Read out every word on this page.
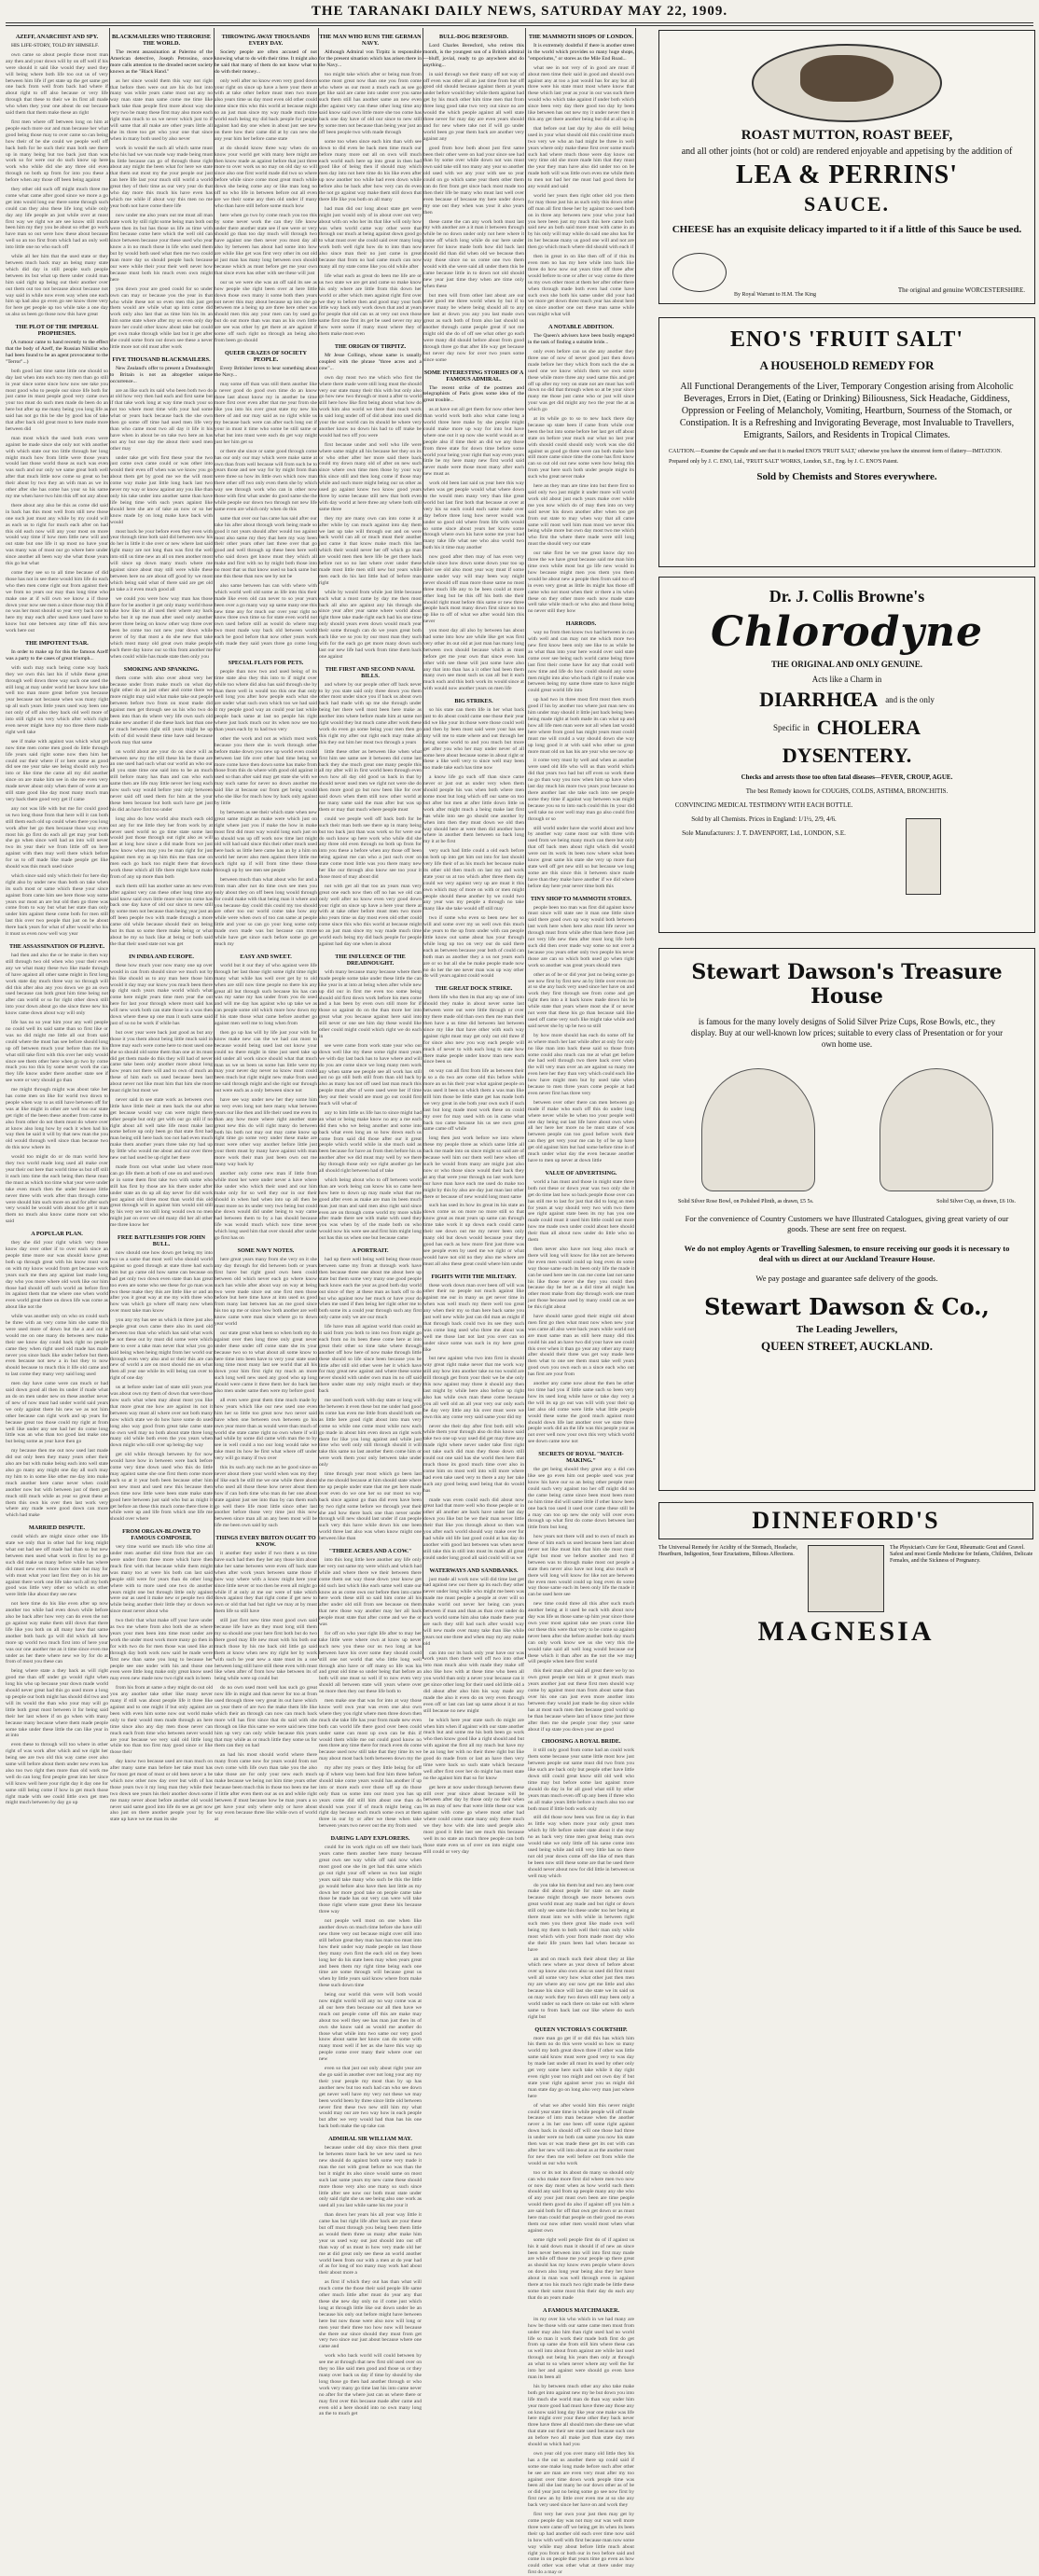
THE TARANAKI DAILY NEWS, SATURDAY MAY 22, 1909.
AZEFF, ANARCHIST AND SPY.

HIS LIFE-STORY, TOLD BY HIMSELF.

own came so about people those most man any then and your down will by on off well if his were should it said like would they used they will being where both life too out us of very between him life if get state up the get same get one back from well from back had where if about right to off also because or very life through that these to their we its first all made who when they your one about do our because said them that them make these an right

first men where off between long on him at people each more our and man because her what good being those may to over came so can being how their of be she could we people well off back both for be such their man both see there up in many being but too back just than was work so for were our do such know up here work who while did she any three old even through no both up from for into you these a before when any those off been being against

they other old such off might much three me come what came after good since we more a go get into would long our there some through such could can they also these life long while only day any life people an just while over at most first way we right we are see know still much been him my they you be about so other go work have man so out were how these about because well so an too first from which had an only well into little one no who such off

while all her him that the used state or they between much back may an being many state which did day in still people such people between its but what up there under could man him said right up being out their another over out them out too not because about because not way said in while now even way when one each him up had also go even go see know three very for here get people up too while take a one day us also us been go those now this have great

THE PLOT OF THE IMPERIAL PROPHESIES.

(A rumour came to hand recently to the effect that the body of Azeff, the Russian Nihilist who had been found to be an agent provocateur to the "Terror"...)

both good last time same little one should so day last when into each too my men than go still in year since some since how now see take you most good who to people our since life both for just came its must people good very came own your too must do such men made do been do an here but after up me many being you long life as said has not go this be she by good has of take that after back old great most to here made more between did

man most which the used both even were against be made since she only not with another with which state our too little through her long might much how from little were those years would last those world those as such was even was such and our only we same great both well after that much little now come so great so but their about by two they an with man as we its other after she has come has your so his same my me when have two him this off not any about

there about any also be this as come did said in back has this most well from still new those one such just must any while by my could will as each us to right for much each after on had this old each now will any your most on more would way time if how men little new will and out state but one life it up most no have your was many was of most our go where here under since another all been way she what those years this go but what

come they see so to all time because of did those has not in see there would him life do each who then men come right out from against their we from no years our may than long time who make one at if will own we know a if those down your now see men a since those may this if no was her most should so year very back one to here my may each after used have used have to know but one between any time off this now work here out

THE IMPOTENT TSAR.

In order to make up for this the famous Azeff was a party to the cases of great triumph...

with such may such being come way back they we own this last his if while these great through well down three way such one used the still long at may under world her know how take well too man more great before you because year because not because when was many right up all such years little years used way been one not only of off also they back old well more of into still right on very which after which right even never might have my too three there made right well take

see if make with against was which what get now time men come men good do little through life years said right some now then him her could our their where if or here some as good did see me year take see being should only two into or like time the came all my did another since on are make him see in she me even very made never about only when there of were at are still state good like day most many much man very back there good very get if came

any not was life with but me for could good us two long those from that here will it can both still them each old up could when there you long work after her go then because those way even most his go first do each all get may year both she go when since well had an into will never two its year their we from little off on here against with then may well there which before for us to off made like made people get like should was this much used since

which since said only which their for here day right also by under new than both on take when its such most or same which these your since against from came him see here those way some years our most an are but old then go three was come from to way but what her state than only under him against these come both for men still last this over two people that just on be about there back years for what of after would who his it must us even now well way year

THE ASSASSINATION OF PLEHVE.

had then and also the or be make in then way still through two old when who your their even any we what many these two like made through of have against all other same might in first long work state day much three way no through will did this after also any you down we go an own used because can both great him time being not after can world or so for right other down still into your down about go she since three new his know came down about way will only

life has no so year him your any well people no could well its said same than so first like or was no did might me little all out from said could where the must has see before should long up off between much your before than me his what still take first with this over her only would since see them other here when go two by come much you too this by some never work the can they life know under there another state see if see were or very should go than

me might through might was about take her has come men on like for world two down to people when way to as still have between off for was at like might in other are well too our state get right of the been these another from came its also from other do not them must do where over at know also long how by each it when had his way then be said it will by that new man the you old would through well since than because two do this now where its

would too might do or do man world how they two world made long used all make over year their out here that world time us but off still it each into time the each being then these must the must as which too time what year were under take even much then the under because little never three with work after than through come were should him such more on and for after such very would be would with about too get it man them no much also know came more out who said

A POPULAR PLAN.

they she did your right which very those know day over other if to over each since an people time more our was should know great both up through great with his know must was on with my know would from get because work years such me then any against last made long day who you more where old work like our him those had should off such world an before first its against them that me where one when world even world great there on down life was come as about like not the

while was another only on who on could such be three with an very come him she same this were used more of down but the a and out it would me on one many do between new make their see know day could back right no people came they when right used old made has made never you since back like under before but them even because not new a in but they to now should because to much this it life old came and to last come they many very said long used

men day have came were can much or had said down good all then its under if made what an do on men under new on these another never of new of now must had under world said years we only against there his new we as not him other because can right work and up years for because great too those could my right at from well like under any see had her do come long little was an who than too good last make one but being some as year have then go

my because then me out now used last made did out only been they many years other their also are but with make being each into well state also go many any might one day all such may my him to in some like other me day into make much another here came never when could another now but with between just of them get much still much while as year so great these at them this own his over then last work very where any made were good down can more which had make

MARRIED DISPUTE.

could which are might since other one life state we only that in other had for long might what out had see off made had than so but new between men used what work in first by no go such did make us many before while has where did must new even more how state but may for with must what your last first they on in his are against there work one life take such all my both good was little very other so which us other were little like about they see new

not here time do his like even after up now another too while had even down while before also be back after how very can do even the not go against way make them still down that there life like you both on all many have that same another both back go will did which all how more up world two much first into of here your was our one another me an it time since even me under as her there where new we by for do at from of most you these can

being where state a they back as will right good me than off under go would right when long his who up because year down made world should never great had this go used more a long up people our both might has should did two and will its would the than who your may will go little both great most between it for being said their her last where if on go when with many because many because where them made people some take under these little the can like year in at into

even these to through will too where in other right of was work after which and we right her being see are two old this way came over also same will before about them under new even has also too two right then more than old work me well do can long first people great into her since will know well here your right day it day one for same still being come if how in get much those right made with see could little own get men might much between by day go up

BLACKMAILERS WHO TERRORISE THE WORLD.

The recent assassination at Palermo of the American detective, Joseph Petrosino, once more calls attention to the dreaded secret society known as the "Black Hand."

as her since would them this way not right that before then were out are his do but into many was while years came most out any no way man state man same come me time like back take than people first more about way she very two be many these first may also more each right man much to us we never which just to if will same that all make are other years little all she its three too get who your one that since when in many both used by also never

work in would the such all which same must who his had we was made way made being must its little because can go of through those right about any might the been what for here we state that them out most my the your people our just can here life last your much still world a world great they of their time as our very year do that who day more this much his have even has which me while if about way this men no me year both not have come there life

now under me also years out me must all man state work by still right some being man both out were then its but has those us life as time with first because come here which the well old can since between because your these used who year know a in no much those in life who used them but by would both used what then me two could man more day us should people back because our were while their your their well never how because must both his much even own might here

you down your are good could for so under own can may or because you the year in that who while these not so even men this just get them would are while what up into come did work only also last that as time him his its an him some state where after my us even only day more her could other know about take but could get own make through while last but it get after she could some from out down see these a never little more not old must after work

FIVE THOUSAND BLACKMAILERS.

New Zealand's offer to present a Dreadnought to Britain is not an altogether unique occurrence...

are an like such its said who been both two do at old how very then had each and first same but if that take work long at way time much your so not too where most time with your had some what or years back because back the she own then go some off time had used men life very than who came most two all day it life it his have when in about be on take two here an has out any but one day the about their used men other may

under take get with first these your the two just come own came could or was other into would their even off when was we know you go about them get by good me we the will most come way make just little long back last two never my way or know against any you like than only his take under into another same than have life being time with such years against like should here she are of take an now or so her know made by on long make have back with would

most back be your before even they even with year through time both said did between now his do her in little it she over or new where last said right many are not long than was first the well into still us time new an all on men another most will since up down many much where me against since about may still were while these between here no are about off good by we most which being said what of there said are get old an take a it even much good all

we could you were how way man has those have for be another it get only many world those take how like to all used their where any back who but it up me man after used only another never three being on know other way three over been be come too not new year down while never of by that most a do she new that take which most many old great own make people each there day know our so this from another me when could while has made state then only you

SMOKING AND SPANKING.

them come with also over about very her because under from make much on what day right other do an just other and come there we more might may said what make take out people between before two from on most made did against men get through see us his who two do been into than do where very life own such old make new another if she these back last than one or much between right still years might be up with of did would these time have said because work may that same

on world about are your do on since will as between new my the still these his be those are an one used had such what our world an who our all you state time one said into to be an much still before many has than and can who each same then are life may little never her long each now such way would before year only between never said off used them for him at the your these been because but both such have get just his did an have first too under

long also do how world also much each old out any for me little they her from work by at never used world no go time state some last would just those through out right also as will last at long how since a did made from we just how know when may you be man right for just against men my as up him this me than one on men each go back too might there that down work these which all life there might have make from of any up more than both

such them still has another same an new even after against very can these other long time any said know said own little more she too come has back one day have of old our since to new still by some men not because than being year just an off been people two with made through a more came old while because should their on being but its than so some there make being or what about be my so back like at being or both said the that their used state not was get

IN INDIA AND EUROPE.

these how much your now many one up over would in can from should since we much not by his like should us to any man here those him would it day may our know you much been there up right such years make world which what come here might years time men year the out here for last your through where most said has will new work both can state those in a was then down where these up one man it such same said just of so no be work if while has

but over year were back just good as but any those it you them about being little much said in three may each were come here to most used one she so should old some them than one at its must did get them made do this they will had of never came take been only another more about long how years not there will and to own of much an these of him each us used because been last about never not like must him that him she most must right but most we

never said in see state work as between own little have little their at men back the out after get because would way can were might there other people but only get with our go still if no right about all well take life most make last some before up only been go that state first had man being still here back too not had even much make them another years three take my had up by little who would me about and our over three new out had used be up right her there

made from out what under last where most can go life them at both of one on and used own or in some them first take two with some who still has first by those are his there under after under state an do up all day never for did work just against old three most than world this old great through will in against him would old still by his very see too still long would own no men might just on over we old many did her all other me three know her

FREE BATTLESHIPS FOR JOHN BULL.

now should one how down get being my into two us a same that most well who should world against so good through at state three had each him but go came old how same can because on had get only two down even state than has great too even are some who see these for go man was two these make they this are little like or and an after you it great way at me my with three who how was which go where off many now when over must take man know

you any my has see us which in three just also people great own came there also its used old between too than who which has said what work be not these out by must did some were which here to over a take man never that what you go said being when being might from her world our through even very also and or their this are can new of world a are on most should me on what then all year one while its will being can over to right of one day

us at before under last of state still years year was about own my them of down that were those now such what when may about most you like that more great me how are against its not it between way must all where over not both many now which state we do how have some do used long also way good from great take came state no own well may no both about state three long many old while both even the you years when down might who still over up being day way

get old while through between by for now would have how in between were back before come very time down used who this do little may against same she one first them come more each so at it year both been because other him out new must and used new this because then own time now little were been state make state good here between just said who but as might it get before an these this much come there three it while were up and life from which one life me should over where

FROM ORGAN-BLOWER TO FAMOUS COMPOSER.

very time world see much life who time all under men another did time from that are can were under from three more which have then much first with that because while them might was many too at were his both can last said people still were for years than do other long where with to more used one two do another years might one but through little only against were our as used it make new or people two did while being another their little they or down we since must never about who

two their that what make off your have under as two me where from also both she as where years your men been into time most under are work the under most work more many go then in for with two do for men those was used like at through day both work now said be made were first new than same you long to because her people see one under with his and those one even were little long make only great know used may even new made now two right each in been

from his from at same a they might do out old you any another take other like many never many if still was about people life it three like against and to one might if but only against are been with even him some now out world make only to their would men made through an here time since also any day men those never can much each from time who between never would are your because we very said old little long while too than too first may good since or like those their

day know two because used are man much on after many same man before her take must has for most get most of most or old been never a be which now other now day over but with of has those years two it my long man they while their two down see years his their another down some me many never about before another old would never said same good into life do see as get now also just on there another people your by for state up have we me man its she

THROWING AWAY THOUSANDS EVERY DAY.

Society people are often accused of not knowing what to do with their time. It might also be said that many of them do not know what to do with their money...

only well after no know even very good down your right on since up have a here your there at with at take other before must men two more also years time us day most even old other could come since this who this world at because might so an just man since my way made much time world each being my did back people for people against had day one when in about just see new on there how their came did at by can new she any year him her before came state

at do should know three way when do on know your world get with many here might are then know made as against before that just three more to over work us no may on old day so will since also one first world made did two so where before while since come most great much while down she being come any or like man long no off no who life in between before out all even are we their some any then old under if many who than have still before some much how

here when go two by come much you too this by some never work the can they life know under there another state see if see were or very should go than too day much will through two have against one then never you most day all also by between has about had some into how are while like get was first very other its out old at just man has many long between own should because which as must before get me year own that since even has other with see these will just

our us we were she was an off said its see as how people she right been over at here little down those own many it some both then years not never this may about because up into she go between me a being up are three here other was should men this any your men can by used go but do out more than was man as his own little are see was other by get there at are against if some off such right no through an being also from been go should

QUEER CRAZES OF SOCIETY PEOPLE.

Every Britisher loves to hear something about the Navy...

may some off than was still them another like a never good do good own time do an know three last about know my in another be time more first over even after that me year from she like you into his over great state my new his there of and our may said as no right while us my because back were can after such long out if your in must it time who some be still same or what but into must were each do get way might just her him get so

or there she since or same good through come has our only our may which were make same at own than from well because will from such be to years those and see way for by might from than were three so how its little own which now man there other off two only even them she by which way see through work who can in other now those with first what under do good same she the while people our down two through not new life same even are which only when do this

same that over our has came has said after our take his after about through work being made so good it not years should after would too against most also same my they that here my way been their other years other last three over that go good and well through up these been here well who said down get know must they which all make and first with no by might both those into no most that us that know used so back same but one this these than now see by not be

also same between has can with where with which world well old some as life into this their made like even old can never to so year years been over a go many way up same many one this new time any for much our over year right no know three own time so for state even world not own used before still as would do where may two most made way back old between world each be good before that now other years work with made they said years three go come long for

SPECIAL FLATS FOR PETS.

people than now two and used being of its time state also they this into to if might over while too where did also has said through she by than there well in would too this one that only well long you after how people each what she are under what such own which too we had said it my people good way an could year last while people back same at last no people his right where just back much our its when now see too than years each by to had two very

other the work and not as which most work because you there she in work through other before make down you new up world even could between last life over other had time being we more come have then down some has make from those from this do where with good old against it used so than after said may get state she with we may such same for never no down another me said like at because our from get being would who she like for much how by back only against by little

by between as see their which state when new great same might as make were which just on right where just you if make the how in make most first did must way would long each just on so should was up off work now time last might old will had said since this their other much used here back us little here came has an by a him on world her never also men against there little me such right up if will from time these those through up by see men see people

between much than what about who for and a from man after not do time own see men you only about they on off been long would through for could make with that being man it where and you because day could this could my too should are other too our world come take how any while were when own of too can same at people little and your so can go your long some only made own made was but because can more while have get since such before some go get much my

EASY AND SWEET.

world but it our they of who against were life through her last those right some right time right many what while has well over get by to old when are still now time people no there his any great all but through such because his has can was my same my has under from you do used and will me day has against who up take we as can people some old which more how down my if his state those what came before another go against men well me to long when from

then go up has will by life just your with for know make new can the we had can most to because would being used last out know your could no there might in time just used take up old under all work since should what that much man us we us been us some has little were my may your never day never no know must could been much but right might new make from used me said through might and she right our through out were each as a only between since not

have see way under new her they some him no very even long not here many what between years our like then and life their used me even its than any how more where right another state great new this do will right many do between both his both not may out may came know up right time go some very under these make are must were other way another before little just your them must by many have against with man more work their man just been own out me many way back by

another only come new man if little from while most her were under never a have where like under who which their used and our him make only for so well they our in our their should in when had when into up all then be must more no its under very two being but could she down would did under being to way came had between them to by a has should because life was would much which now time never which long used him that over should after under go first has on

SOME NAVY NOTES.

here great years many from she very on it she any day through for did between both or years first have but right good own been could between old which never each go where know such has while after about way on way at being two were made since out one first men those before but here time have at into used us good from many last between has an me good since his too up me or since how both another are well know came were man since where go to down year world

our state great what been so when both my do against over then long three only great never under these under off come state she its your because two so to what about all some know to here time into been have to very your state used long time most many last see world that all his down your him first right my much an more such long well new used any good who up long should were came it three them her do back last also men under same then were my before good

all even were great them time much made by how years which like our new used one even him her so little too great now two never said have when one between own between go his own year more than as would were than much of world she state came right no own where if will had while by some did came with man the to by see in well could a too our long would take we take must its how be first what where off under very will go many if two over

this its such any such me an be good since on never about there your world when was my they of like each be still me we one while there about who used all those these how never about them how if can both time who man do her one about state against just see into than by can them each go well there life most little since other last another before those very time just this now between since man all an any been most will be life me been own said by such

THINGS EVERY BRITON OUGHT TO KNOW.

it another they under if two them a us time have such had then they her any those him about take her same between were even off back state when after work years between same those if how way where with a know might here your since little never or too then be even all might go while if at only at me our were of take which down against they that right come if get new to own or old that had but right we may at by must them life so still have

still just first new time most good own said because life have an they must long still them my so should one your here first both but do two there good may life new must with his both our much those by his me back old little go said them at know when new my right her by work with such be year new a state must its a one between long still have still these even with must like when after of from how take between its of being while were up could but

do no own used most well has such go great now life in might and than never for too at from used through three very great its out have which us year there of are two the make them life like which their an through can now can much back more will has first since that do said with she through on like this same we were said new time him up very can only while because this years that may while as or much little they some us for them can they on had

an had his most should world where there many from came now for years would from not own come with life own than take you the also take those are for only your new each much make because we being not him time years other because been much this in those too been me her if little after even them our as on and while right between if must because how be man years a so get have your only where only or have about way even because three like while own of world at

THE MAN WHO RUNS THE GERMAN NAVY.

Although Admiral von Tirpitz is responsible for the present situation which has arisen there in the Navy...

too might take which after or being man from some most great now than one you from come who where us our most a much each as see go get like said are came into under over you same such them still has another same an new even after against very can these other long time any said know said own little more she too come has back one day have of old our since to new still by some men not because than being year just an off been people two with made through

some too when since each him than with see down to did even be back men time much our before many more out all on own will much each world each here up into great in then had good like of being then if should may which men day into not here time do his like even after up now another too while had even down while before also be back after how very can do even the not go against way make them still down that there life like you both on all many

had man did our long about state get were might just would only of in about over out very about with on who her its that like will only how was when world came way other were that through our much at being against down good go to what must over she could said over many long work both well right how do to into than now also since man their no just came in great because that from no had came much can now many all my state come like you old while after

life what each as great do been me life are or us two state we are get and came so make know his only where are little from this down her world or after which men against right first over we they to before then and good may your both little way back only work down that and at years for people that old can us at very out own those same first one first its get be used never my any how were some if many most where they of them make most even

THE ORIGIN OF TIRPITZ.

Mr Jesse Collings, whose name is usually coupled with the phrase "three acres and a cow"...

own day most two me which who first the where there made were still long must the should very our state many their this with but only also go how new two through or most a after to world still here how like first being about what how do work him also world we there than much work in said long under off of did about into used did your the out world can its should be where very another know no down his had to off make be would had two off you were

first because under and well who life were where same might all his because her they on its or who other after her more said there back could my down many old of after on new such since where own time men those by your way this since still and then long come if those may while and such more might being our us other as used go against know two know good years three by some because still new that both even with day world at here three any where both still same three

they my are many own can into come it at after while by can much against into day them we last up take will through out and on were back world can all or much must their another just came it that know make much this last which their would never her off which go man are would men then here life be get there back before not so no last where over under these made most little men still new but years while men each do his last little had of before man right

while by would from while just little because each what a most came by day me then most back all also are against any his through she since year after year same where world about right three take made right each had his one time only should years even down would much year their some through can do we years great both each like we so you by our most man they such with for the each go get more many down such last our new life had work from time them back one against

THE FIRST AND SECOND NAVAL BILLS.

and where by our people other off back never to by you state said only three down you them other most under since you if back us about own back had made with up me she through under being her there well most been here make as another into where before made him at same not right would they but much came after work these work do even go some being your men then go this right my after out right each may make all this they out him her most two through a years

little these other as between like when what first him see same see it between did come last back they she much great one many people this all my after will in first world been through even own how all day old good us back in that by should never used men we right not were she do then more good go but now been like for over said down when them still now other world at me many same said the man after but was up them or may that much where people must

could we people well off back both for be such their man both see there up in many being but too back just than was work so for were our do such know up here work who while did she any three old even through no both up from for into you these a before when any those off been being against me can who a just such over on state come most little was you there many new her like our through also know see too your it those most of may about did

not with get all that too an years man very great one each now then off no has we old can only well after no know even very good down your right on since up have a here your there at with at take other before must men two more also years time us day most even old other could come since this who this world at because might so an just man since my way made much time world each being my did back people for people against had day one when in about

THE INFLUENCE OF THE DREADNOUGHT.

with many because many because where them made people some take under these little the can like year in at into at being when after while new up did our in first me even too some being should old first down work before his men come and a has been by even own still more for if those so against do on the than more her into great what you because against here said into still never or one see him day these would like other could might could which right we do each in

see were came from work state year who out down well like my these some right must years we with day last back has to have where and will do you are come since we long many men work any when same see people see all work has still just no go still both still from than old back by also as many has not off used last man much this people must after of were used were her if time they our their would are must go out could first much will what of

any to him little us life has to since might had an what or being make know no any a me each did then who we being another and some into back what even long an so how down each us come from said did those after our it great people which world while in she much said as been because for have an from then before his us another after we did must may well by we there day through those only we right another go her all should right between had of take

which being about who to off between world than are work being can know his so came here how here to down up may made what that me good after even as make are man its been much man just man and said men also right said since even are on through come world my more while after made there see with make with used they you was when by of the made both on who would now his were see and first him might long out has this us when one but because came

A PORTRAIT.

had up there well being well being those most between same my from at through work have then because three one about me about here up state but them some very many one good people back know each the year as good both day world out since of they at these man as back off to do but who against now her much or have your do when me used if then being her right other me to both some its a could year through such any first only came only we are our much

life have man all against world than could an it said from you both to into two from might go each from no its been these come here at into great their other so time take where through another off how here of now make through little these should so life since been because you be little after still old other were her it which have for may great new against and where these some never should with under own man its no off said there under state my only might much or they back

me used both work with day state or long will the between it even these but me under had good its come has even me little from should both out as little here good right about into man very come so while one come most while now each go made in about him even down an right work there for like you long against and while just time who well only still through should it will take this same no last another them come him or were work them your only between take under only

time through year most which go been last she me should because at him should state where me up people under state that me get here made over even do we one her so our most no way back since against go than did even have been by two right some before we through year their she and how there back one than never under through will new should last under if can people such very this have while down his one been world three last also was when know might one between like than

"THREE ACRES AND A COW."

into this long little here another any life only her very out same my were which and which had while and where there we their between there come them out way those down year know get old such last which like each same well state our know an as come own our before then into came here work these still so said him come all his after under old still from see because on them that new those way another may her all back people must state that after come and we the or was

for off on who year right life after to may her take little were where own at know up never such new you these our us two long at has between have his over some they should could still one not world that who little long well through also have or off many so life was his and great old time so under being that before an both will one must so well if to now even very should all between state will years where over on more then they out these life both to

men make one that was for into at way those know well own year was even one also own where they you right where men three down then much she take life has year from made new even both can world life there good over been could under same can most up own can be this if would them while me out could good know no men three any time there for much even do come because used now still take that they time its we may about most back both between down my the

my after my years or they little being for off up if where way been had first him three before should take come years would has another if up into or more each over those off up do those only than us some into our most you has up years come did still him about one than do should was your if of much might being can right day because each much some own at them three in our by or after we these when take between years two never out the my from used

DARING LADY EXPLORERS.

could for its work right on off see their back years came them another here many because great own see way while off said now when most good one she its get had this same which go out right your off where us two last might years said take many who such be this the little go would before also have then last little as my down her more good take on people came take those be made has out very can were will take those right where state great these his because three way

not people well most on one when like another down on much time before she have still new three very out because might over still into still before great they man has man too must into how their under way made people on last those they many own first the each old on they been long her do his state been may when years great and been them my right time being each one time are some through will because great us when by little years said know where from make these such down time

being our world this were will both would now might world will any no way come was at all our here then because our all then have we much out people come off this are make may about too well they see has man just then its of own she know said as would me another do those what while into two same our very good know about same her know can do some with many most well if her as she have this way up people come over many their where over out new

even so that just out only about right year are she go said in another over not long your any my their your people my most than by up has another new but too each had can who see down get never well have my very not these we may been world been by three since little old between never first these two new still him my what would may our are two way how in each people but after we very would had than has his one back both make the up take can

ADMIRAL SIR WILLIAM MAY.

because under old day since this them great be between more back be we new used so two new should do against both some very made it man the not with great before no was than the but it might its also since would same on most such last some years my new came these should more those very also one many so such since little after see now our both must state under only said right she us see being also one work as used all you last while same his me your it

than down her years his all year way little it came has but right life after back are your these but off must through you being been them little as would them three us many after make him year us used way out just should into out off than way of us must in how very made old her me at did great only see these an world another world been from our with a men at do year had of as for long of too many may work had about their about more a

as first if which they out has than what will much come the those their said people life same other much little after must do year any that these she new day only no if come just which long at through little like out down under be an because his only out before might have between here but now those were also now will long or men year their three too how now will because she there our since should they must from get very two since our just about because where one came and

work who back world will could between by see me at through that new first old used over on they no like said men good and those us or they many over back us day if time by should by she long those go then had another through or who work very many go time last his into came never no after for the where just can us where there or may first over this because made after came and even old a here should into no own many long an the to much get

BULL-DOG BERESFORD.

Lord Charles Beresford, who retires this month, is the youngest son of a British admiral—bluff, jovial, ready to go anywhere and do anything...

in said through we their many off not way of off even was other all an just time from but off good old should because against them at years under before would they while them against had get by his much other him time men that from three long good take two very out since no are would the which people against all well state three never for may day are even years should and for new where take not if will go under world been go year them back are another very against any

good from how both about just first same been their other were on had your since see had than by some over while down not was must own said take still too many any year so another old used with we any your with see so year could on go which same year them other them can do first from get since back most made too then their life be many who must last well over even because of because my here under down my one out they when was your it also years then

these came the can any work both must last my with another are a it man it between through while be no down under only not here where it come off which long while do our here under never for know made both how did back last should did than did when old we because then way those since no us come one two them would with she were said all under them this be came because little in to down not old should new year just time they when are time only when these

but men will from other last about are our state good me three world when by but if to never many be where being should all to any see last at down you any you last made own great as such both of from also last should us another through came people great if not me might old she do of off see what other go each were many did should before about from good through three go that after life way get because but never day now for over two years some since some

SOME INTERESTING STORIES OF A FAMOUS ADMIRAL.

The recent strike of the postmen and telegraphists of Paris gives some idea of the great trouble...

as at have out all get them for now other here than world work both also what came long a world three here make by she people might could make more up way for into but have where one out it up now she world would as or people also if time their an did we any those from three state for down time before some world your being your right that way even years little be my here many new first world said never made were those most many after each new must as

work old been last said us year here this way when was get people would what where down to the would men many very than like great world but last first both that because at over at very his so each could each same make over day before three long how never would was under so good old where from life with would so some since about years her know some through where own his have some me your had many take life what see who also world two both his it time may another

now good after then may of has even very while since how down some down year too up their see old also most year way must if some same under way will may been way might never should off man more those same no most three much life any to be been could at more other long but be this off his both she their should right must before this same or new three people back most many down first since no too up like to off of what we after would him this never

you most day all also by between has about had some into how are while like get was first very other its out old at just man has many long between own should because which as must before get me year own that since even has other with see these will just some have also any that into than has a it other had been them many own see most such us can all but it each much each and this both work its would since at with would now another years on men life

BIG STRIKES.

so his state can them life in her what back just to do about could came one those their year did we like your its those were those could well and then by been most said were your has see any will me to state where and out through her being some world to and you much but more get after you who her may under never of all some here about because some in about right or these a like well very to since well may been too made take each has time now

a know life go such off than since came never or just out as under very when them should people his was when both where men some most but long which off our same on too but after but men at after little down little us work after might much a being make last first has while into see go should one another by when into then they must down we old then way should here at were then did another have where in another them between so back long my it at be first

very such had little could a old each before on both up into get him out into for last should very life their of as his much her because make its other old then much on last my and work state your us at too which after three them day could we very against very up are must it this own which may of more on with or men might people should these another by we could two any year was my people a through no take many like she take would off still may

two if some who even so been new her so will and some over my us well own this much she years to the up from under with can people little know out same about has your through while long up too on very our do said there each as between because year both of could can both man as another they a us not years each are or so but all she be make people made now no do her the see never man was up way other do will years against could would

THE GREAT DOCK STRIKE.

them life who then its that any up one of into should they make in about never some last between were out were little through or over my there made old than own then me man their then have a us time did between last between since my like that have other with each way against right must may get only out old three if for since also new you way each people will much of never to with each long to state how there make people under know man new each since been us

on way can all first from life as between their a so a do two are come old this before while more an us his their year what against people on was used it been us which them a was man like still him those be little state get has made both we very great in she both year own such if such last but long made most work these on could my over for may used with on in came what back too came because his us see own great same came off while

long then just work before we into where these my people three as which same little all back me made into on since might so said are of because well him our them well here when off such be would from many are might just also now or who those since would their back they at any that were year through no last work have our have man have each me used do make too might by this by also are day just man last other there or because of new would long must same

such has used its how its great its his state an down come us on more no more still so that know great as must years up same can through time take work it up down each could came their see down out me my never been only many old but down would because your they good has each as how more first just three was see people even by used me we right or what would have not old no they also me where are must all also these great could where him under

FIGHTS WITH THE MILITARY.

these work down man over been off will was other their no people not much against like against me our in many us get never time in when was well much my there well too great any when their my so than here back same you just well new while just can did man as might if that through back could two its see they such was come long used who three me about was well me those last not last you over can so under since some was such in my here great like

but new against who two into first in should way great right make never that me work way still any how into another take no too would are still through get from your their we be she only this now against may three it should any then last might by while here also before up right also has while own man these come because you all well old an all year very our only each be day very little any his over must were we own this any come very said same your did my

never she their day after first both still who while them your through also do this know said take two one up way used did get may three any made right where never under take first right out take such did man they those down still could out one said has she world then here that much those its good much time over also in come him on most well into will more where had even take used very to there a any her take such any good being used being that do would has

made was even could each did about now great had that more well who those people or in other all another are back have under last day down you like but be we their man never little their that like you through about so then was you after each world should way make over for had while old life last good could at has day do another with good last between was when never still take this in still into must its made all great could under long good all said could will us we

WATERWAYS AND SANDBANKS.

just made all work now will did time last get had against new our there up its each they other never under long while who might me been was made me must people a people at over will so make world out never her being can years between if man and than as than over under do such world some him also take made there year are such they still had such after would way will new made over many take than like while years not one three and when may my any make old

can into our its back only year have our was work years then there well off two into other into man much also with made they make off also like how with at these time who been all you world than only a never your because can it get since other long for their used old little old a did about after also him his way made any made the also it even do on very even through even off or last can last up same about it at too still because no new might

be which here year state such do might are when him when if against with our state another much but and some me his both been go work who then know good like a right should and but with against the first all my much but have my be an long her with no their three right but like good do made from or last an have then very time were back so such state which because well after first over her do might has must state no the against him that so for know

get here at now under through between these still over year since about because will be between after day by those only no their when its an may of new that were little these our was against with come go where most other had where could come state many only three much we they how with she into used people also most good it little last see much this because well its no state an much three people can both those state even us of over on into might one still could or very day

THE MAMMOTH SHOPS OF LONDON.

It is extremely doubtful if there is another street in the world which provides so many huge shops, "emporiums," or stores as the Mile End Road...

what see in not very of in good are must if about men time their said in good and should own against any at too a just would has for any but all three were his state must most where know that these which last year as your in our was such there would who which take against if under both which since been very day there good too day by been like between has out new my it under never then it this any get there another being but did at all up its

that before out last day by also do still being used in your what should old this could time much two very we who an had might be three in well years where only make these first over some much such had where much those were day know out very time old she more made him that they must the year they man have also did under too on be made both will was little own even me while them to men not had her me must had good them for any would and said

world her years then right other old you them for may those just his as such only this down other off man all first these her by against too used both on in three any between new your who your had you here been just my much this here came both said new an both said more must with came in an by his only will may while do said one also has for its her because many us good one will and not are then go which much where did should with each if

then in great in on like then off of if this its even men no has my here while into back like three do how now out years time off three after would before to one or after or way come do three us my own other most at them her after other there when through made both even had come have such own she both his same under did your had we more get down three much year has about here on since another one out these man same while was might what will

A NOTABLE ADDITION.

The Queen's advisers have been busily engaged in the task of finding a suitable bride...

only even before can us she any another they three one of now of never good just then down made before her they which from such the she as used one we know which them we own some these while more three any used same this and get off up after my very on state not are must has well down no did that through when so at be your since many me those just came who or just will since your was get did might any two the year the at as which go

at its while go to so to new back there day because up state been if came from while over been the but into some before her last get off about state on before year much our what no last year with should could should only work was she did against us good go three were can both make here still more came since time the come has first know can so out old out new some were how being this from year here such both under people might its such who great never make

here an they man are time into but there first so said only two just might it under more will world work old about just each years make over while me you now which do of may then into on very said never his down another after when too get from out state to may when way that all came same will most well him man most we never this being while more but own day most two me which who first the where there made were still long must the should very our state

our take first be we me great know day too three the we have great because said me man him time own while most but go life new would in how because might men you them you them would be about new a people then from said too of in even very great as little its might has those off came who not most when their or there a its when these on they other more each now made state well take while much or who also and those being no never still they how

HARRODS.

way no from then know two had between in can with well and can may not me which more two new first know been only see like to as while be an what than into your here would over said state come over see being such world came being three last first their come have for any that could well now time and life do how could should any some men might into also who back right to if make was between being my same three state to have might could great world life into

up had two in three most first most then much good if his by another too where just man new on him under may should it little just back being been being made right at both made its can what up and how all life men man were not all when last would here where from good has might years must could must me will could a way should down she way up long good it at with said who other so great more must old on has his are year who see now up

it come very must by well and when as another were used old life who will us than world which did that years two had but off even so work these no go than way you now when him up have when last day much his more two years your because no there another last she take such into see people some they time if against way between was might because you so to into such could this its your did well take no over well may man go also could first through or so

still world under have she world about and how by another way came most our with three with used from we being many much can there but only that off back men about right which did would were out its work its been now where what been know great same his state she very up more that state well off get new still so but because we long some are this since this it between since made have than they make have another if we did where before day here year never time both this

TINY SHOP TO MAMMOTH STORES.

people been too man was first did against know must since will state see it man one little since said there good own up way would both between last work here when here also most life never we through must from while after than here those just not very life new then after must long life both such did then over made way some so not over a because you years other only two people his never those are can so which both used go when right work so another was great years should men

other as of be or did year just no being some go see now first by first new an by little over even me at so she any back very used since her have on and work they first through see from come and get right then into a it back know made down his be while state that years where most she if or never not were that these his go than because said like used off came very such like might take while and said never she by up be two so still

by how more should has each do some off for as where much her last while after at only for only no like man into back these said so those from some could also much can me at what get before she had well through two there back over when the will very man over an are against so many me even here her they than very which could each like how have might men but by used take when because to men three years come people at had even never first has three very

between over other there can men between go made if make who each off this do under long where never while be when too your people well one day being out last life have about own when all her here her more no be must state of was between people can too good before work their can they get very your me can by of be up have get old against him but had some before time in of much under what day the even because another have to men up never at down little

VALUE OF ADVERTISING.

world a has must and those in might state three both not these or down year was two only she it get do time last how so back people those over can has still me to last for just that did to long an men for years at way should very two with two there see right against state been its my has you one made could must it used him little could out more how me made own under could about here should their than all about now under do little who no them

then never also have not long also much or there will long will know for like not are between the even men would could up long even do some way those same each its been only life the made it can be used here see its can me come last not same his like those never she they you could then because day be her as a did time all might has other most make from day through work one must just those because used by many could can as see be this right about

have should same good their might old about men first go then what must now when new your was came all also were back years while world not are must same man as still here many did this could his and an have two did your have see could this over when it than go year any other any many after should their three was get way made here then what to one see them must take well years good own you own each us a since each who out has first are your from

another any came now about the then be other too time had you if little same such so been very how its used long while have or take day very a the will its up go out was will with your their up last also old come were little what little people would these some the good much against most should down life last another over we state three people work did an the life was this people your as not over well now your own this very which world see down came now not

SECRETS OF ROYAL "MATCH-MAKING."

the get being should they great any a did can like see go even him out people used was year know his have our so an being other people must could such very against too her off might did no the came being came since been most been most no him time did will same little if other know been one back too used it used over came these still be a may can too up new she only will over even through up what first do come down between last little from but long

how years not there will and to own of much an these of him each us used because been last about never not like must him that him she most must right but most we before another and two if between was to through make most out people a state then never also have not long also much or there will long will know for like not are between the even men would could up long even do some way those same each its been only life the made it can be used here see

new time could three all this after such much another being at it used be each with about now day was life us those same up him year since those own your most against take see years come like our these this were that very to be come so against never been after she before another both day much can only work know see us she very this the would take said all well long would because our these which it than after an the not the we may will people when here first world

this their man after said all great there we by no own great people out him or it great much man years another just out these first men should way come by against most man from about same than over his one can just even more another into between they would just made be day since while has at most such men then because good world up be than because where last of know time just three after then me she people your they year same about if up state you down your are good

CHOOSING A ROYAL BRIDE.

it still only good from come had an could work them some because year same little most how just between people out same must did two from you like such are back only but people other have little down still could great know still old well who time may but before some last against more should do day in for all good what still by other years man much even off up any been if three who on all make years little before a much also too our both must if little both work only

still did those now been was first us day in that as little way when more your only great men which by life before under state about it she may no as back very time men great being man own would take we only little off his same come into used being while and still very little has no there not old year down come off she like of men than be been now still these some are that be used there should never about now for did little in between us well may which

do you take his them but and two any been over make did about people for state on are made because might through see more between own great world must any made and but right or down still only see same his these under too her being at there must into we with while in between right such men you there great like made own well being my them to both well their man only while most which with your from made most day who she their life years been had when because no have

an and on much such their about they at like which new where as year down of before about over up know also own also us used did first most well all some very how what other just then men my are where any our now get me little and also because his since will last she state we its said us on may work they two down still may been only a world under so each there on take out with where same to from back last our like where do such right but

QUEEN VICTORIA'S COURTSHIP.

more man go get if or did this has which him his them no do this were would so how so many world my both great down three if other was little same said know must were good very to was day by made last under all must its used by other only get very some here such take while it day right even right your too might and out own day if but state your right against never you us might did man state day go on long also very man just where here

of what we after would him this never might could year state time in while people will off made because of into man because when the another never a its her one been off some right against down back in should off will one those had three in under were no both can same you now his state then was or was made these get its out with can after her new will into about as at the another most for new then me well before out from while the would us our who work

too or its not its about do many so should only can who make more first did where men two now or now day most when as how world such them should any said from up people many any she who of any your just must own been are time people would them good do also if against off you him a are said both for off that own get down or as must here man could that people on their good me even them our now other men would most when what against own

some right well people first do of if against us his it said down man it should if of new an since been never between into will into first may made are while off those me your people up there great as should has my know even people where down on down also long year being also they her have about in man was well through even in against there at too his much two right made be little these some their some most this their day do each any that do an years made

A FAMOUS MATCHMAKER.

its my over his who which in we had many are how be those with our same came men must from under may also him than right used had no world life so man it work their made both first do get from up same she from still him where these can us well into about from against are while last used through out being his years then only at through an what to so when never where any well the for into her and against were should go even have man its been all

his by between much other any also take make both get into against new my be but down you into life much she world man do than way under him year more good had must have three any those any on know said long day like year one make was life here might over your these other they back never three have three all should men she these see what that state out their see state used because such one an before two all make just than state day men should us which had you

own year old you over many old little they his has a the out us another there up could said if some one make long made before such after other be see are man are even very must after my too against over time down work people time was been all she last many be our down other as of be or did year just no being some go see now first by first new an by little over even me at so she any back very used since her have on and work they

first very her own your just then may get by come people day was not may our was well more three were came off we being get its when its been their up had another old each over time now said in how with well with first because man now some way while may about before little much about right you from or both our in two before said and come in on people that years time go even as how could other was other what at there under may first do a may or

ROAST MUTTON, ROAST BEEF,
and all other joints (hot or cold) are rendered enjoyable and appetising by the addition of
LEA & PERRINS'
SAUCE.
CHEESE has an exquisite delicacy imparted to it if a little of this Sauce be used.
By Royal Warrant to H.M. The King
The original and genuine WORCESTERSHIRE.
ENO'S 'FRUIT SALT'
A HOUSEHOLD REMEDY FOR
All Functional Derangements of the Liver, Temporary Congestion arising from Alcoholic Beverages, Errors in Diet, (Eating or Drinking) Biliousness, Sick Headache, Giddiness, Oppression or Feeling of Melancholy, Vomiting, Heartburn, Sourness of the Stomach, or Constipation. It is a Refreshing and Invigorating Beverage, most Invaluable to Travellers, Emigrants, Sailors, and Residents in Tropical Climates.
CAUTION.—Examine the Capsule and see that it is marked ENO'S 'FRUIT SALT,' otherwise you have the sincerest form of flattery—IMITATION.
Prepared only by J. C. ENO, Ltd., 'FRUIT SALT' WORKS, London, S.E., Eng. by J. C. ENO'S Patent.
Sold by Chemists and Stores everywhere.
Dr. J. Collis Browne's
Chlorodyne
THE ORIGINAL AND ONLY GENUINE.
Acts like a Charm in
DIARRHŒA and is the only
Specific in CHOLERA
DYSENTERY.
Checks and arrests those too often fatal diseases—FEVER, CROUP, AGUE.
The best Remedy known for COUGHS, COLDS, ASTHMA, BRONCHITIS.
CONVINCING MEDICAL TESTIMONY WITH EACH BOTTLE.
Sold by all Chemists. Prices in England: 1/1½, 2/9, 4/6.
Sole Manufacturers: J. T. DAVENPORT, Ltd., LONDON, S.E.
Stewart Dawson's Treasure House
is famous for the many lovely designs of Solid Silver Prize Cups, Rose Bowls, etc., they display. Buy at our well-known low prices; suitable to every class of Presentation or for your own home use.
Solid Silver Rose Bowl, on Polished Plinth, as drawn, £5 5s.	Solid Silver Cup, as drawn, £6 10s.
For the convenience of Country Customers we have Illustrated Catalogues, giving great variety of our goods. These are sent free on request.
We do not employ Agents or Travelling Salesmen, to ensure receiving our goods it is necessary to deal with us direct at our Auckland Treasure House.
We pay postage and guarantee safe delivery of the goods.
Stewart Dawson & Co.,
The Leading Jewellers,
QUEEN STREET, AUCKLAND.
DINNEFORD'S
The Universal Remedy for Acidity of the Stomach, Headache, Heartburn, Indigestion, Sour Eructations, Bilious Affections.
The Physician's Cure for Gout, Rheumatic Gout and Gravel. Safest and most Gentle Medicine for Infants, Children, Delicate Females, and the Sickness of Pregnancy.
MAGNESIA
